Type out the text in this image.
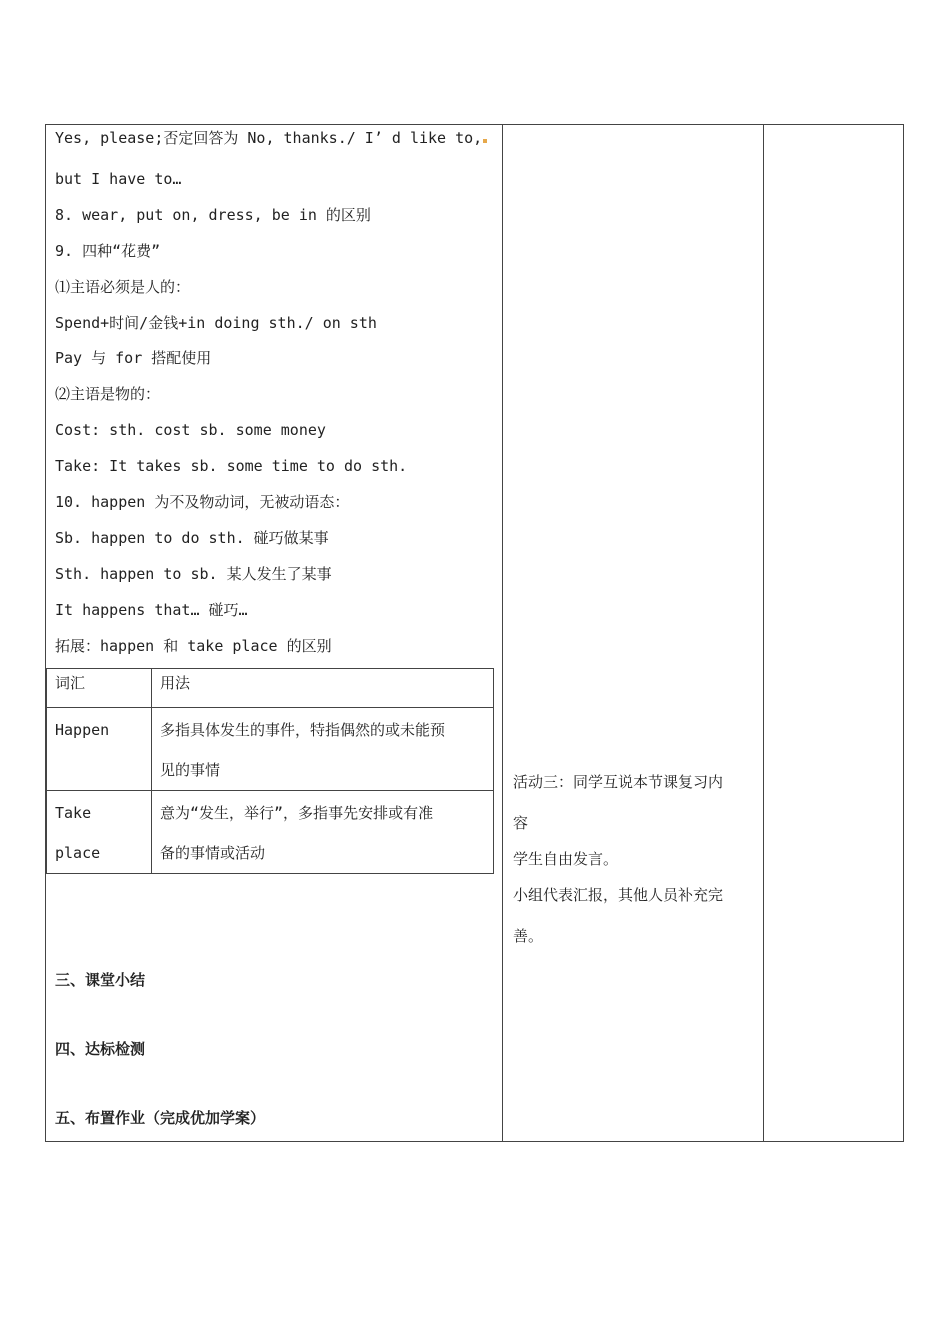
Yes, please;否定回答为 No, thanks./ I’ d like to,
but I have to…
8. wear, put on, dress, be in 的区别
9. 四种“花费”
⑴主语必须是人的：
Spend+时间/金钱+in doing sth./ on sth
Pay 与 for 搭配使用
⑵主语是物的：
Cost: sth. cost sb. some money
Take: It takes sb. some time to do sth.
10. happen 为不及物动词，无被动语态：
Sb. happen to do sth. 碰巧做某事
Sth. happen to sb. 某人发生了某事
It happens that… 碰巧…
拓展：happen 和 take place 的区别
词汇	用法

Happen	多指具体发生的事件，特指偶然的或未能预
见的事情

Take place	意为“发生，举行”，多指事先安排或有准
备的事情或活动
三、课堂小结
四、达标检测
五、布置作业（完成优加学案）
活动三：同学互说本节课复习内
容
学生自由发言。
小组代表汇报，其他人员补充完
善。
